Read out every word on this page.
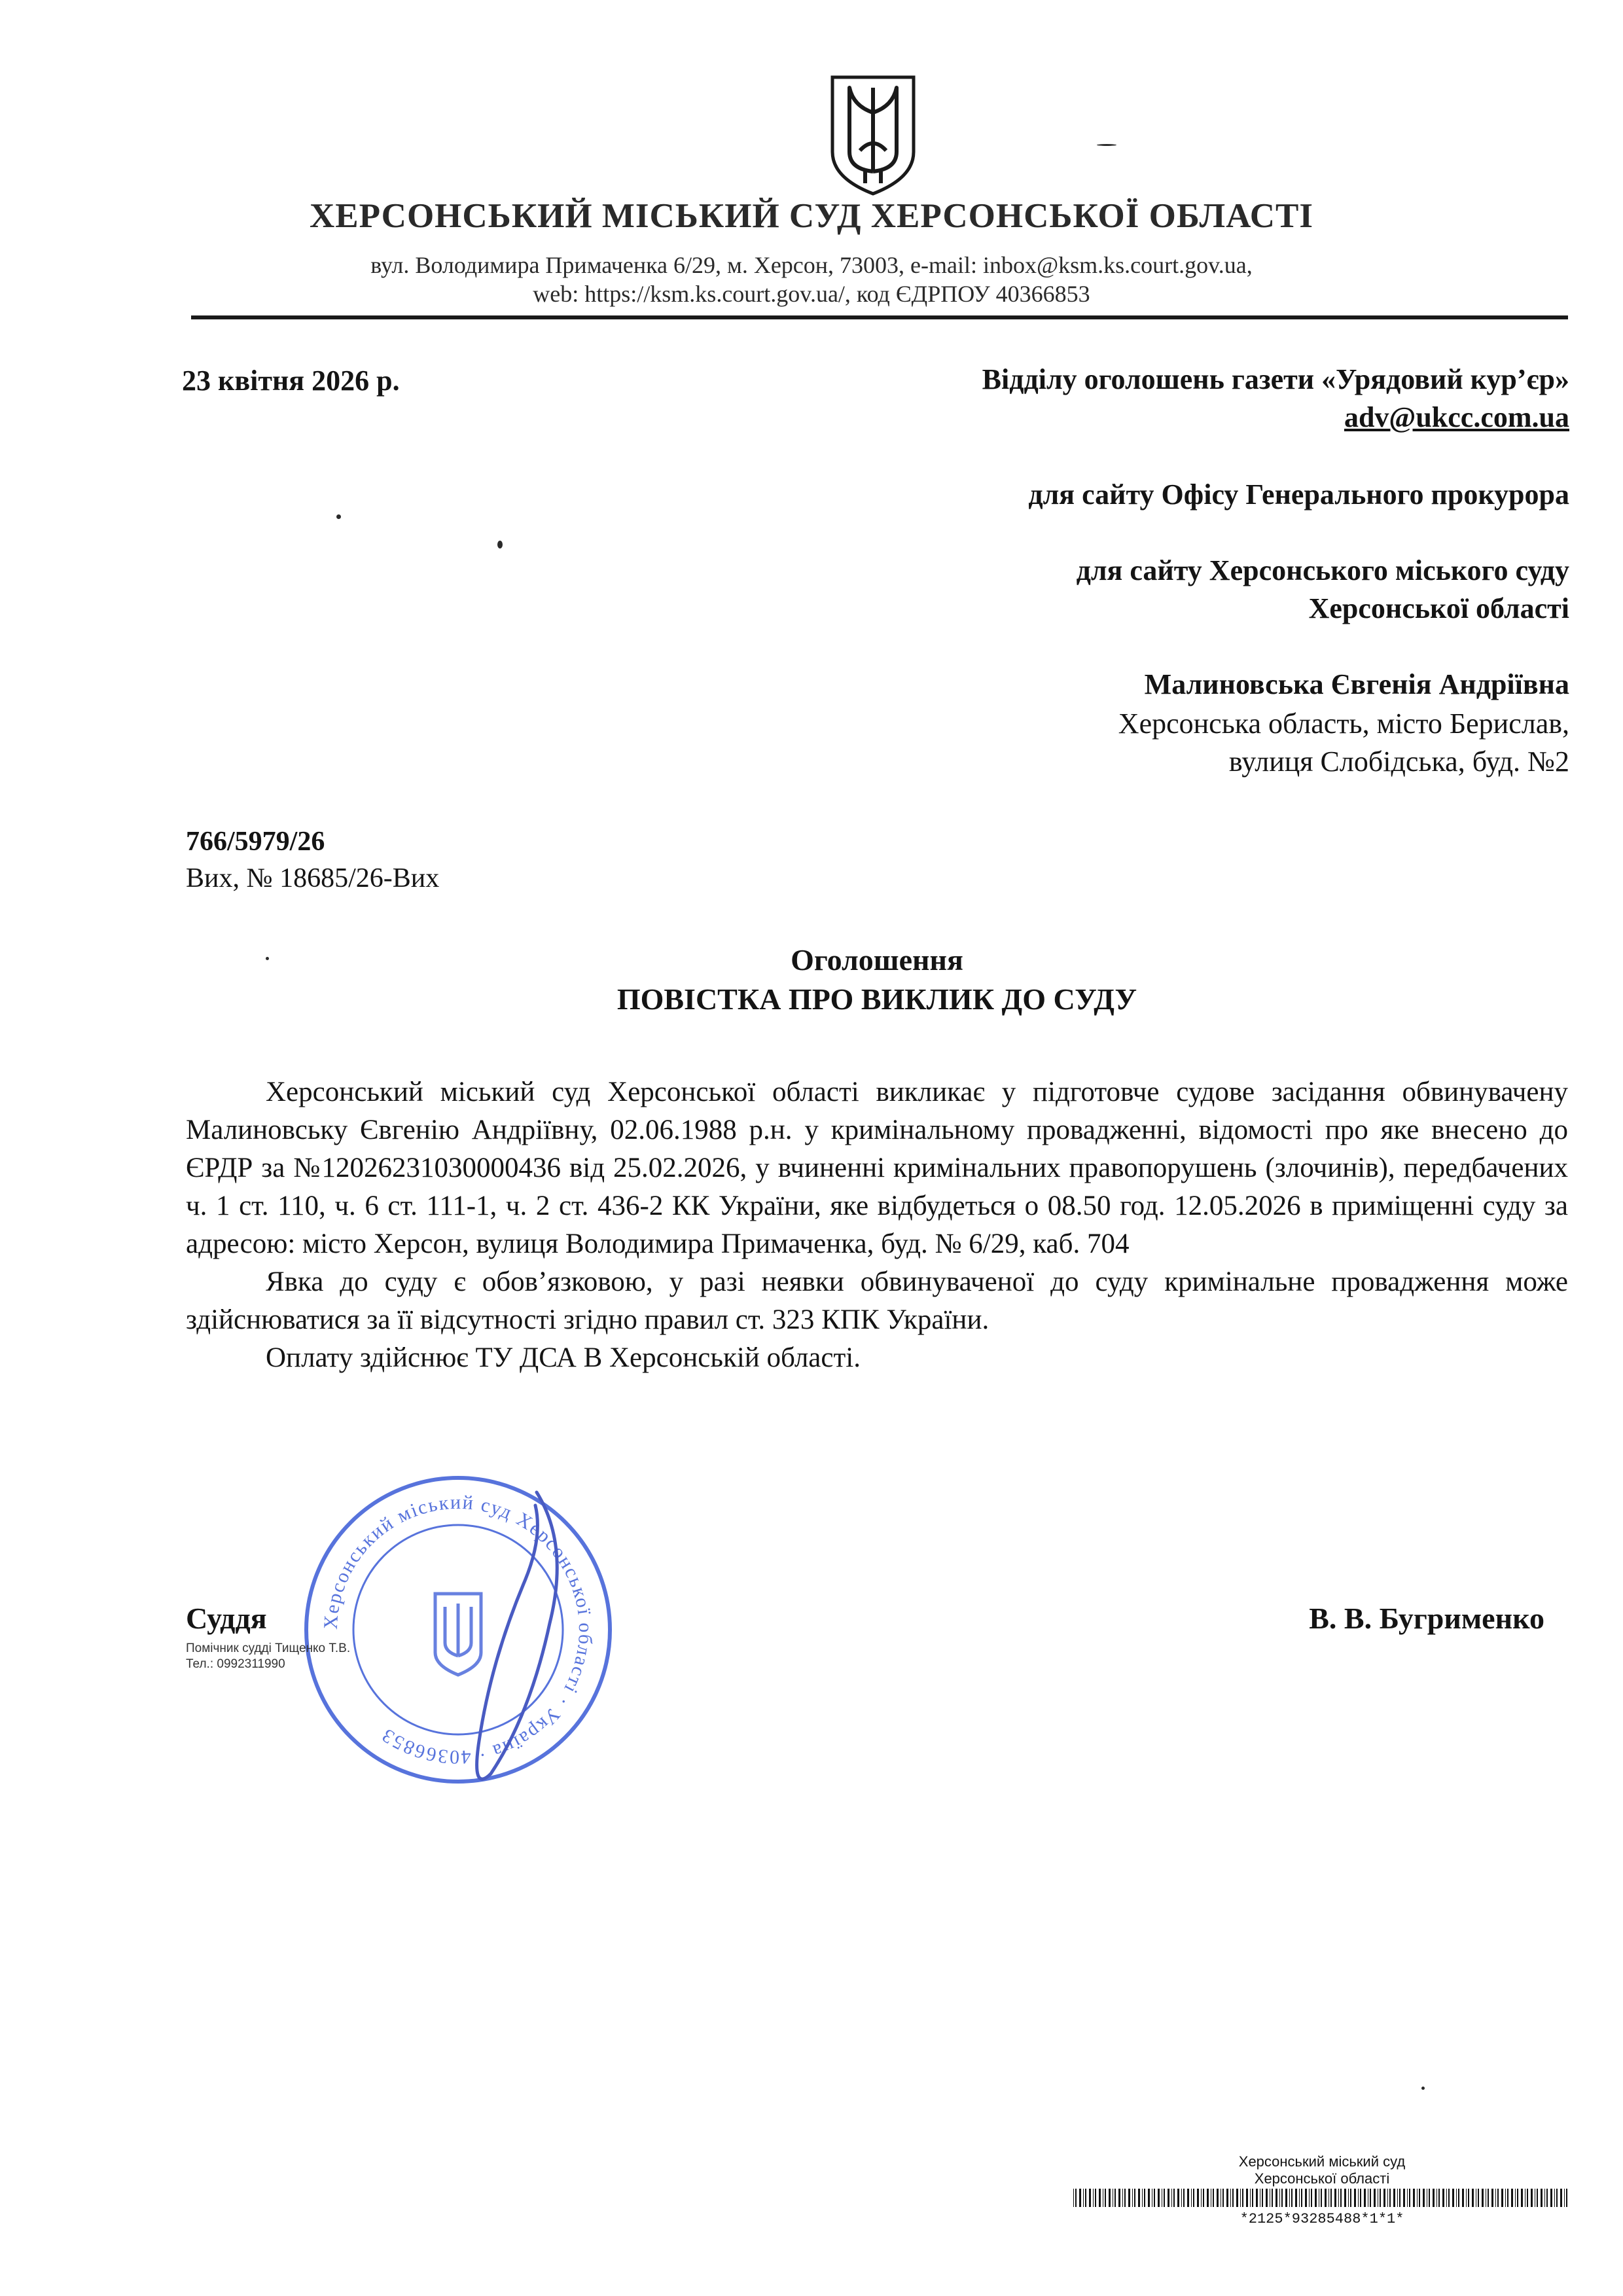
ХЕРСОНСЬКИЙ МІСЬКИЙ СУД ХЕРСОНСЬКОЇ ОБЛАСТІ
вул. Володимира Примаченка 6/29, м. Херсон, 73003, e-mail: inbox@ksm.ks.court.gov.ua,
web: https://ksm.ks.court.gov.ua/, код ЄДРПОУ 40366853
23 квітня 2026 р.	Відділу оголошень газети «Урядовий кур’єр»
adv@ukcc.com.ua
для сайту Офісу Генерального прокурора
для сайту Херсонського міського суду
Херсонської області
Малиновська Євгенія Андріївна
Херсонська область, місто Берислав,
вулиця Слобідська, буд. №2
766/5979/26
Вих, № 18685/26-Вих
Оголошення
ПОВІСТКА ПРО ВИКЛИК ДО СУДУ

Херсонський міський суд Херсонської області викликає у підготовче судове засідання обвинувачену Малиновську Євгенію Андріївну, 02.06.1988 р.н. у кримінальному провадженні, відомості про яке внесено до ЄРДР за №12026231030000436 від 25.02.2026, у вчиненні кримінальних правопорушень (злочинів), передбачених ч. 1 ст. 110, ч. 6 ст. 111-1, ч. 2 ст. 436-2 КК України, яке відбудеться о 08.50 год. 12.05.2026 в приміщенні суду за адресою: місто Херсон, вулиця Володимира Примаченка, буд. № 6/29, каб. 704

Явка до суду є обов’язковою, у разі неявки обвинуваченої до суду кримінальне провадження може здійснюватися за її відсутності згідно правил ст. 323 КПК України.

Оплату здійснює ТУ ДСА В Херсонській області.

Херсонський міський суд Херсонської області · Україна · 40366853
Суддя
Помічник судді Тищенко Т.В.
Тел.: 0992311990
В. В. Бугрименко
Херсонський міський суд
Херсонської області
*2125*93285488*1*1*
